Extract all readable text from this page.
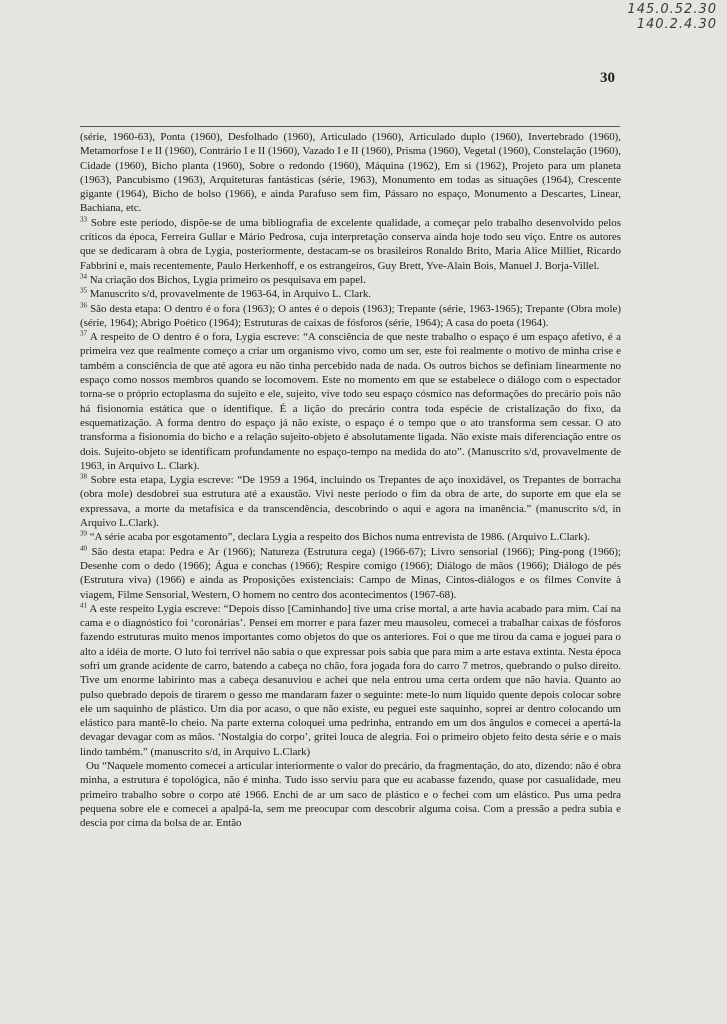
145.0.52.30
140.2.4.30
30

(série, 1960-63), Ponta (1960), Desfolhado (1960), Articulado (1960), Articulado duplo (1960), Invertebrado (1960), Metamorfose I e II (1960), Contrário I e II (1960), Vazado I e II (1960), Prisma (1960), Vegetal (1960), Constelação (1960), Cidade (1960), Bicho planta (1960), Sobre o redondo (1960), Máquina (1962), Em si (1962), Projeto para um planeta (1963), Pancubismo (1963), Arquiteturas fantásticas (série, 1963), Monumento em todas as situações (1964), Crescente gigante (1964), Bicho de bolso (1966), e ainda Parafuso sem fim, Pássaro no espaço, Monumento a Descartes, Linear, Bachiana, etc.

$^{33}$ Sobre este período, dispõe-se de uma bibliografia de excelente qualidade, a começar pelo trabalho desenvolvido pelos críticos da época, Ferreira Gullar e Mário Pedrosa, cuja interpretação conserva ainda hoje todo seu viço. Entre os autores que se dedicaram à obra de Lygia, posteriormente, destacam-se os brasileiros Ronaldo Brito, Maria Alice Milliet, Ricardo Fabbrini e, mais recentemente, Paulo Herkenhoff, e os estrangeiros, Guy Brett, Yve-Alain Bois, Manuel J. Borja-Villel.

$^{34}$ Na criação dos Bichos, Lygia primeiro os pesquisava em papel.

$^{35}$ Manuscrito s/d, provavelmente de 1963-64, in Arquivo L. Clark.

$^{36}$ São desta etapa: O dentro é o fora (1963); O antes é o depois (1963); Trepante (série, 1963-1965); Trepante (Obra mole) (série, 1964); Abrigo Poético (1964); Estruturas de caixas de fósforos (série, 1964); A casa do poeta (1964).

$^{37}$ A respeito de O dentro é o fora, Lygia escreve: “A consciência de que neste trabalho o espaço é um espaço afetivo, é a primeira vez que realmente começo a criar um organismo vivo, como um ser, este foi realmente o motivo de minha crise e também a consciência de que até agora eu não tinha percebido nada de nada. Os outros bichos se definiam linearmente no espaço como nossos membros quando se locomovem. Este no momento em que se estabelece o diálogo com o espectador torna-se o próprio ectoplasma do sujeito e ele, sujeito, vive todo seu espaço cósmico nas deformações do precário pois não há fisionomia estática que o identifique. É a lição do precário contra toda espécie de cristalização do fixo, da esquematização. A forma dentro do espaço já não existe, o espaço é o tempo que o ato transforma sem cessar. O ato transforma a fisionomia do bicho e a relação sujeito-objeto é absolutamente ligada. Não existe mais diferenciação entre os dois. Sujeito-objeto se identificam profundamente no espaço-tempo na medida do ato”. (Manuscrito s/d, provavelmente de 1963, in Arquivo L. Clark).

$^{38}$ Sobre esta etapa, Lygia escreve: “De 1959 a 1964, incluindo os Trepantes de aço inoxidável, os Trepantes de borracha (obra mole) desdobrei sua estrutura até a exaustão. Vivi neste período o fim da obra de arte, do suporte em que ela se expressava, a morte da metafísica e da transcendência, descobrindo o aqui e agora na imanência.” (manuscrito s/d, in Arquivo L.Clark).

$^{39}$ “A série acaba por esgotamento”, declara Lygia a respeito dos Bichos numa entrevista de 1986. (Arquivo L.Clark).

$^{40}$ São desta etapa: Pedra e Ar (1966); Natureza (Estrutura cega) (1966-67); Livro sensorial (1966); Ping-pong (1966); Desenhe com o dedo (1966); Água e conchas (1966); Respire comigo (1966); Diálogo de mãos (1966); Diálogo de pés (Estrutura viva) (1966) e ainda as Proposições existenciais: Campo de Minas, Cintos-diálogos e os filmes Convite à viagem, Filme Sensorial, Western, O homem no centro dos acontecimentos (1967-68).

$^{41}$ A este respeito Lygia escreve: “Depois disso [Caminhando] tive uma crise mortal, a arte havia acabado para mim. Caí na cama e o diagnóstico foi ‘coronárias’. Pensei em morrer e para fazer meu mausoleu, comecei a trabalhar caixas de fósforos fazendo estruturas muito menos importantes como objetos do que os anteriores. Foi o que me tirou da cama e joguei para o alto a idéia de morte. O luto foi terrível não sabia o que expressar pois sabia que para mim a arte estava extinta. Nesta época sofri um grande acidente de carro, batendo a cabeça no chão, fora jogada fora do carro 7 metros, quebrando o pulso direito. Tive um enorme labirinto mas a cabeça desanuviou e achei que nela entrou uma certa ordem que não havia. Quanto ao pulso quebrado depois de tirarem o gesso me mandaram fazer o seguinte: mete-lo num líquido quente depois colocar sobre ele um saquinho de plástico. Um dia por acaso, o que não existe, eu peguei este saquinho, soprei ar dentro colocando um elástico para mantê-lo cheio. Na parte externa coloquei uma pedrinha, entrando em um dos ângulos e comecei a apertá-la devagar devagar com as mãos. ‘Nostalgia do corpo’, gritei louca de alegria. Foi o primeiro objeto feito desta série e o mais lindo também.” (manuscrito s/d, in Arquivo L.Clark)

Ou “Naquele momento comecei a articular interiormente o valor do precário, da fragmentação, do ato, dizendo: não é obra minha, a estrutura é topológica, não é minha. Tudo isso serviu para que eu acabasse fazendo, quase por casualidade, meu primeiro trabalho sobre o corpo até 1966. Enchi de ar um saco de plástico e o fechei com um elástico. Pus uma pedra pequena sobre ele e comecei a apalpá-la, sem me preocupar com descobrir alguma coisa. Com a pressão a pedra subia e descia por cima da bolsa de ar. Então
